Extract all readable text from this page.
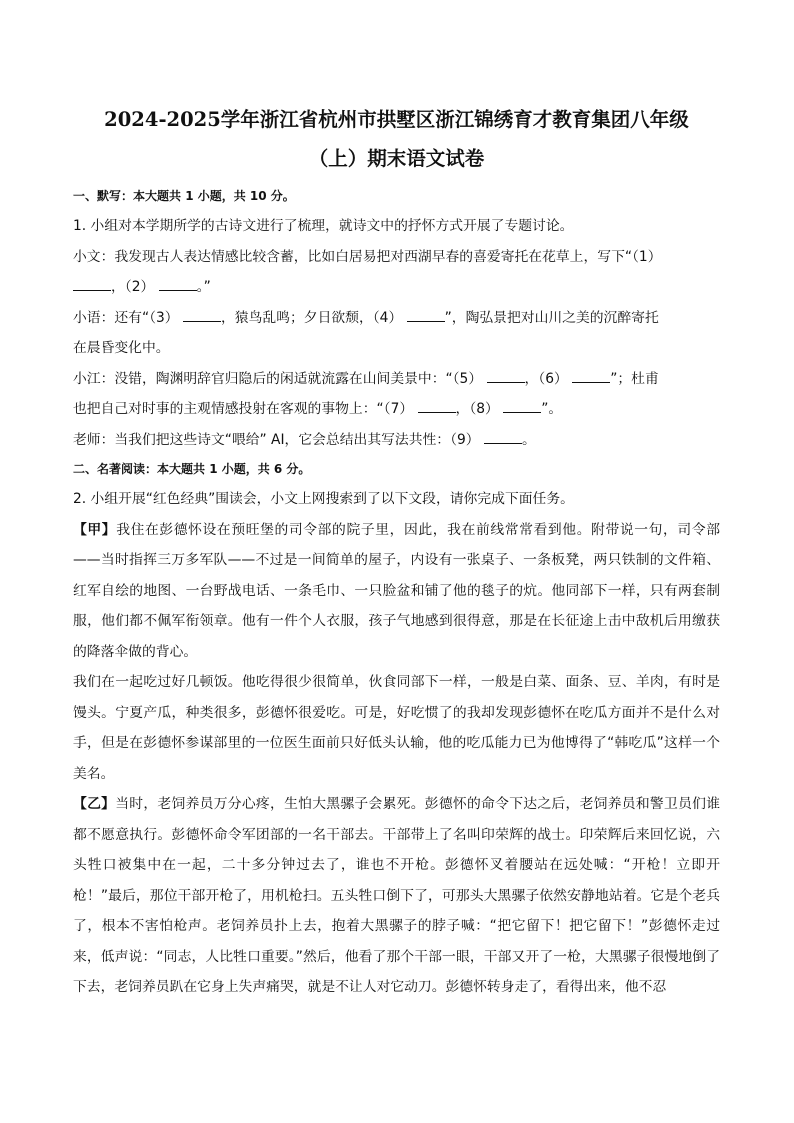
2024-2025学年浙江省杭州市拱墅区浙江锦绣育才教育集团八年级
（上）期末语文试卷

一、默写：本大题共 1 小题，共 10 分。

1. 小组对本学期所学的古诗文进行了梳理，就诗文中的抒怀方式开展了专题讨论。

小文：我发现古人表达情感比较含蓄，比如白居易把对西湖早春的喜爱寄托在花草上，写下“（1）
，（2）	。”

小语：还有“（3）	，猿鸟乱鸣；夕日欲颓，（4）	”，陶弘景把对山川之美的沉醉寄托
在晨昏变化中。

小江：没错，陶渊明辞官归隐后的闲适就流露在山间美景中：“（5）	，（6）	”；杜甫
也把自己对时事的主观情感投射在客观的事物上：“（7）	，（8）	”。

老师：当我们把这些诗文“喂给” AI，它会总结出其写法共性：（9）	。

二、名著阅读：本大题共 1 小题，共 6 分。

2. 小组开展“红色经典”围读会，小文上网搜索到了以下文段，请你完成下面任务。

【甲】我住在彭德怀设在预旺堡的司令部的院子里，因此，我在前线常常看到他。附带说一句，司令部——当时指挥三万多军队——不过是一间简单的屋子，内设有一张桌子、一条板凳，两只铁制的文件箱、红军自绘的地图、一台野战电话、一条毛巾、一只脸盆和铺了他的毯子的炕。他同部下一样，只有两套制服，他们都不佩军衔领章。他有一件个人衣服，孩子气地感到很得意，那是在长征途上击中敌机后用缴获的降落伞做的背心。

我们在一起吃过好几顿饭。他吃得很少很简单，伙食同部下一样，一般是白菜、面条、豆、羊肉，有时是馒头。宁夏产瓜，种类很多，彭德怀很爱吃。可是，好吃惯了的我却发现彭德怀在吃瓜方面并不是什么对手，但是在彭德怀参谋部里的一位医生面前只好低头认输，他的吃瓜能力已为他博得了“韩吃瓜”这样一个美名。

【乙】当时，老饲养员万分心疼，生怕大黑骡子会累死。彭德怀的命令下达之后，老饲养员和警卫员们谁都不愿意执行。彭德怀命令军团部的一名干部去。干部带上了名叫印荣辉的战士。印荣辉后来回忆说，六头牲口被集中在一起，二十多分钟过去了，谁也不开枪。彭德怀叉着腰站在远处喊：“开枪！立即开枪！”最后，那位干部开枪了，用机枪扫。五头牲口倒下了，可那头大黑骡子依然安静地站着。它是个老兵了，根本不害怕枪声。老饲养员扑上去，抱着大黑骡子的脖子喊：“把它留下！把它留下！”彭德怀走过来，低声说：“同志，人比牲口重要。”然后，他看了那个干部一眼，干部又开了一枪，大黑骡子很慢地倒了下去，老饲养员趴在它身上失声痛哭，就是不让人对它动刀。彭德怀转身走了，看得出来，他不忍
